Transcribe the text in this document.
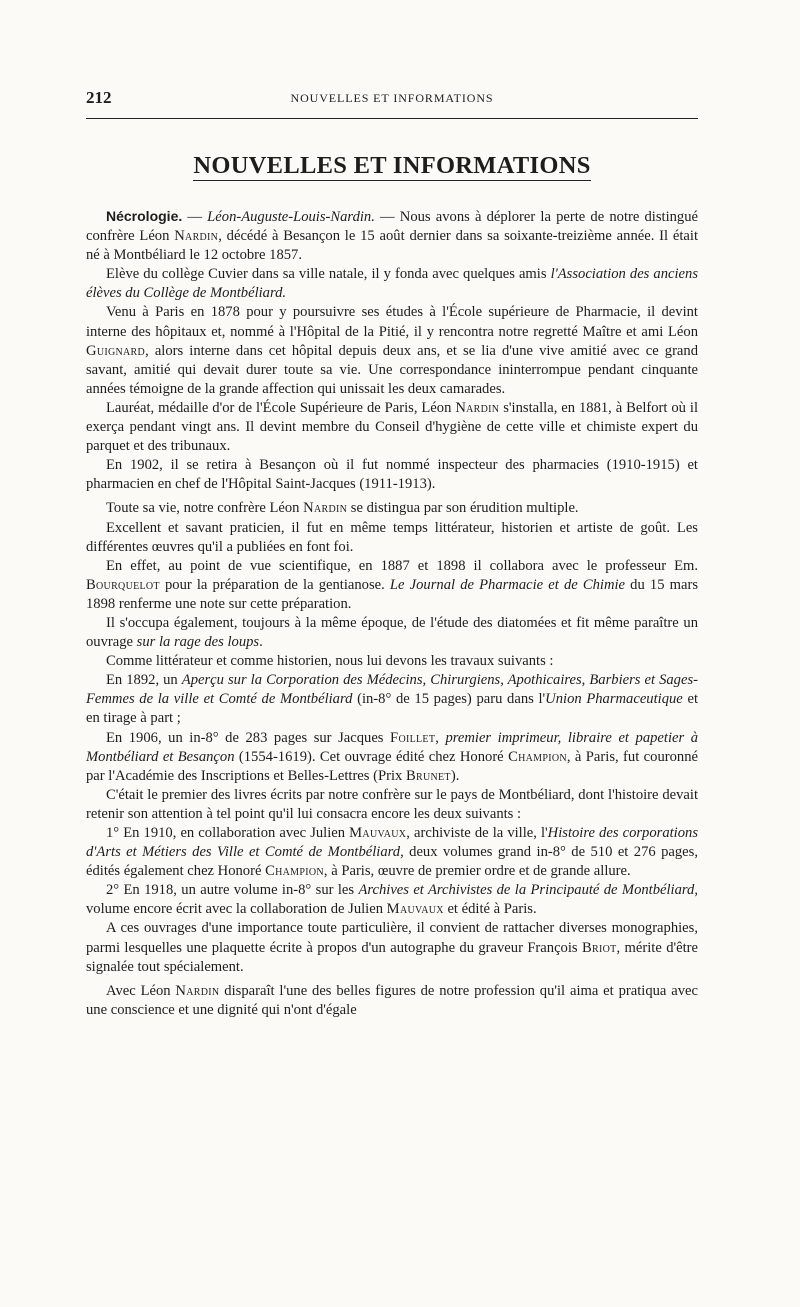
212	NOUVELLES ET INFORMATIONS
NOUVELLES ET INFORMATIONS

Nécrologie. — Léon-Auguste-Louis-Nardin. — Nous avons à déplorer la perte de notre distingué confrère Léon Nardin, décédé à Besançon le 15 août dernier dans sa soixante-treizième année. Il était né à Montbéliard le 12 octobre 1857.

Elève du collège Cuvier dans sa ville natale, il y fonda avec quelques amis l'Association des anciens élèves du Collège de Montbéliard.

Venu à Paris en 1878 pour y poursuivre ses études à l'École supérieure de Pharmacie, il devint interne des hôpitaux et, nommé à l'Hôpital de la Pitié, il y rencontra notre regretté Maître et ami Léon Guignard, alors interne dans cet hôpital depuis deux ans, et se lia d'une vive amitié avec ce grand savant, amitié qui devait durer toute sa vie. Une correspondance ininterrompue pendant cinquante années témoigne de la grande affection qui unissait les deux camarades.

Lauréat, médaille d'or de l'École Supérieure de Paris, Léon Nardin s'installa, en 1881, à Belfort où il exerça pendant vingt ans. Il devint membre du Conseil d'hygiène de cette ville et chimiste expert du parquet et des tribunaux.

En 1902, il se retira à Besançon où il fut nommé inspecteur des pharmacies (1910-1915) et pharmacien en chef de l'Hôpital Saint-Jacques (1911-1913).

Toute sa vie, notre confrère Léon Nardin se distingua par son érudition multiple.

Excellent et savant praticien, il fut en même temps littérateur, historien et artiste de goût. Les différentes œuvres qu'il a publiées en font foi.

En effet, au point de vue scientifique, en 1887 et 1898 il collabora avec le professeur Em. Bourquelot pour la préparation de la gentianose. Le Journal de Pharmacie et de Chimie du 15 mars 1898 renferme une note sur cette préparation.

Il s'occupa également, toujours à la même époque, de l'étude des diatomées et fit même paraître un ouvrage sur la rage des loups.

Comme littérateur et comme historien, nous lui devons les travaux suivants :

En 1892, un Aperçu sur la Corporation des Médecins, Chirurgiens, Apothicaires, Barbiers et Sages-Femmes de la ville et Comté de Montbéliard (in-8° de 15 pages) paru dans l'Union Pharmaceutique et en tirage à part ;

En 1906, un in-8° de 283 pages sur Jacques Foillet, premier imprimeur, libraire et papetier à Montbéliard et Besançon (1554-1619). Cet ouvrage édité chez Honoré Champion, à Paris, fut couronné par l'Académie des Inscriptions et Belles-Lettres (Prix Brunet).

C'était le premier des livres écrits par notre confrère sur le pays de Montbéliard, dont l'histoire devait retenir son attention à tel point qu'il lui consacra encore les deux suivants :

1° En 1910, en collaboration avec Julien Mauvaux, archiviste de la ville, l'Histoire des corporations d'Arts et Métiers des Ville et Comté de Montbéliard, deux volumes grand in-8° de 510 et 276 pages, édités également chez Honoré Champion, à Paris, œuvre de premier ordre et de grande allure.

2° En 1918, un autre volume in-8° sur les Archives et Archivistes de la Principauté de Montbéliard, volume encore écrit avec la collaboration de Julien Mauvaux et édité à Paris.

A ces ouvrages d'une importance toute particulière, il convient de rattacher diverses monographies, parmi lesquelles une plaquette écrite à propos d'un autographe du graveur François Briot, mérite d'être signalée tout spécialement.

Avec Léon Nardin disparaît l'une des belles figures de notre profession qu'il aima et pratiqua avec une conscience et une dignité qui n'ont d'égale
